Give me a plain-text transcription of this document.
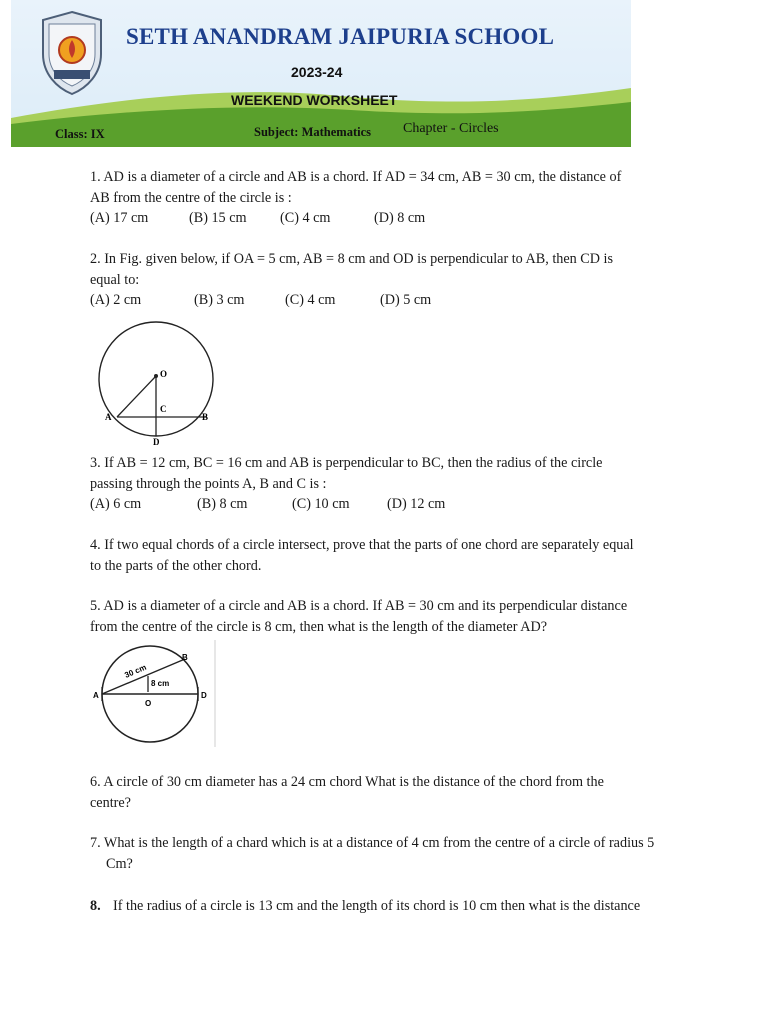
SETH ANANDRAM JAIPURIA SCHOOL
2023-24
WEEKEND WORKSHEET
Class: IX	Subject: Mathematics Chapter - Circles
1. AD is a diameter of a circle and AB is a chord. If AD = 34 cm, AB = 30 cm, the distance of
AB from the centre of the circle is :
(A) 17 cm	(B) 15 cm (C) 4 cm	(D) 8 cm
2. In Fig. given below, if OA = 5 cm, AB = 8 cm and OD is perpendicular to AB, then CD is
equal to:
(A) 2 cm	(B) 3 cm	(C) 4 cm	(D) 5 cm
O
A	B
C
D
3. If AB = 12 cm, BC = 16 cm and AB is perpendicular to BC, then the radius of the circle
passing through the points A, B and C is :
(A) 6 cm	(B) 8 cm	(C) 10 cm	(D) 12 cm
4. If two equal chords of a circle intersect, prove that the parts of one chord are separately equal
to the parts of the other chord.
5. AD is a diameter of a circle and AB is a chord. If AB = 30 cm and its perpendicular distance
from the centre of the circle is 8 cm, then what is the length of the diameter AD?
A
B
O
D
30 cm
8 cm
6. A circle of 30 cm diameter has a 24 cm chord What is the distance of the chord from the
centre?
7. What is the length of a chard which is at a distance of 4 cm from the centre of a circle of radius 5
Cm?
8. If the radius of a circle is 13 cm and the length of its chord is 10 cm then what is the distance
